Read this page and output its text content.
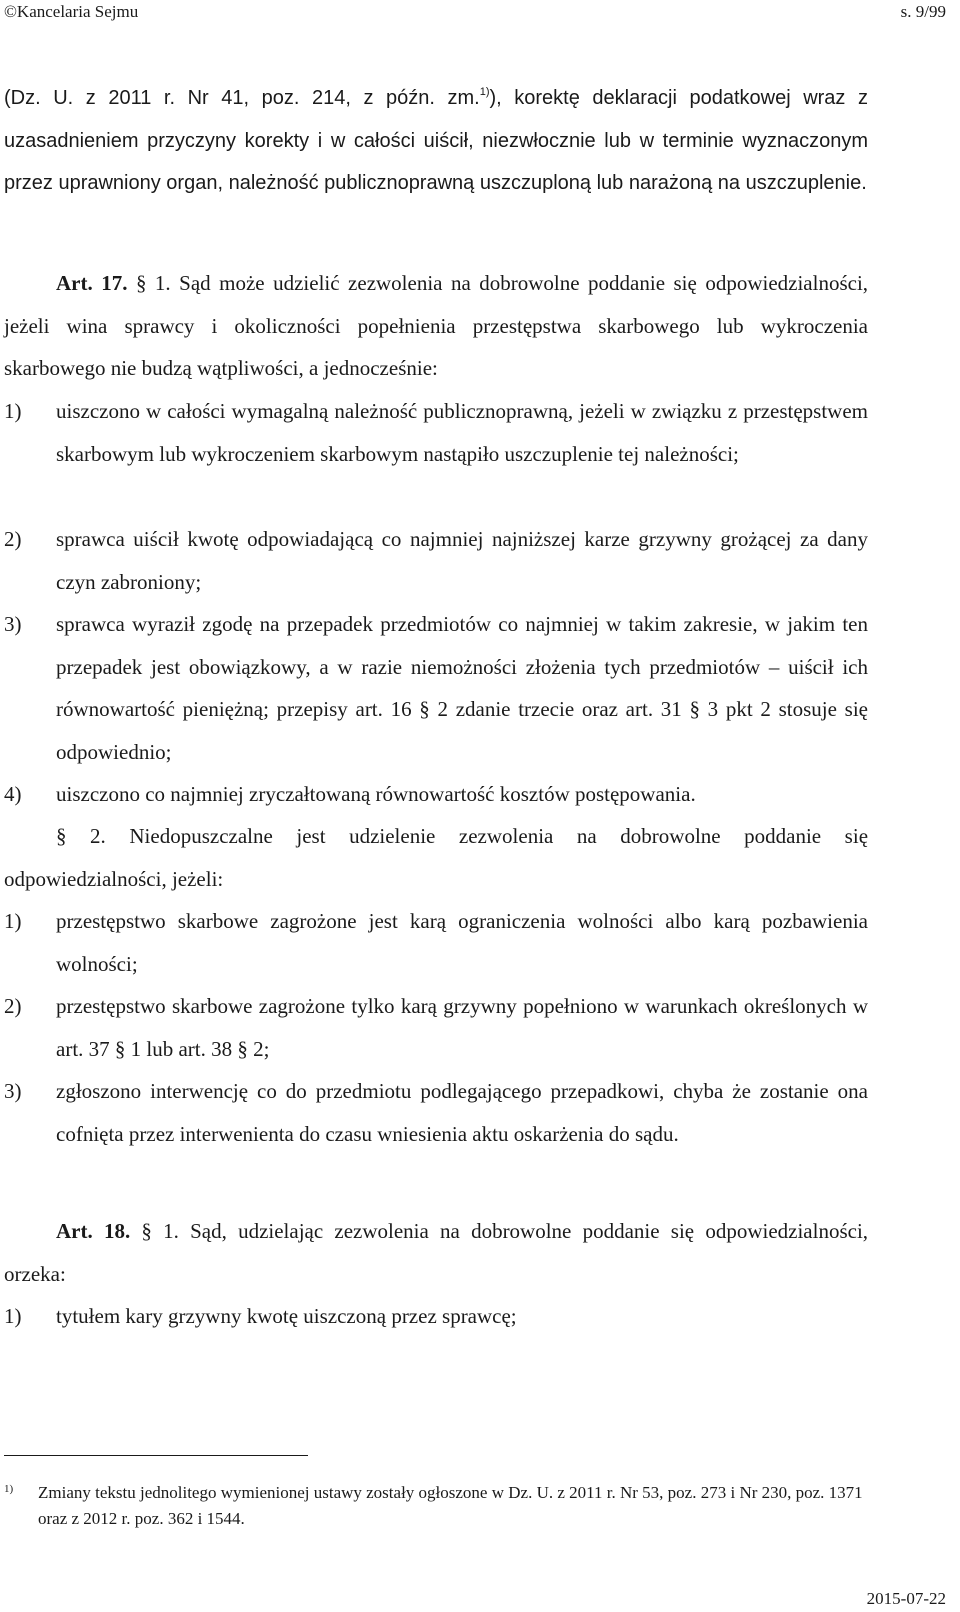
©Kancelaria Sejmu	s. 9/99
(Dz. U. z 2011 r. Nr 41, poz. 214, z późn. zm.$^{1)}$), korektę deklaracji podatkowej wraz z uzasadnieniem przyczyny korekty i w całości uiścił, niezwłocznie lub w terminie wyznaczonym przez uprawniony organ, należność publicznoprawną uszczuploną lub narażoną na uszczuplenie.
Art. 17. § 1. Sąd może udzielić zezwolenia na dobrowolne poddanie się odpowiedzialności, jeżeli wina sprawcy i okoliczności popełnienia przestępstwa skarbowego lub wykroczenia skarbowego nie budzą wątpliwości, a jednocześnie:
1) uiszczono w całości wymagalną należność publicznoprawną, jeżeli w związku z przestępstwem skarbowym lub wykroczeniem skarbowym nastąpiło uszczuplenie tej należności;
2) sprawca uiścił kwotę odpowiadającą co najmniej najniższej karze grzywny grożącej za dany czyn zabroniony;
3) sprawca wyraził zgodę na przepadek przedmiotów co najmniej w takim zakresie, w jakim ten przepadek jest obowiązkowy, a w razie niemożności złożenia tych przedmiotów – uiścił ich równowartość pieniężną; przepisy art. 16 § 2 zdanie trzecie oraz art. 31 § 3 pkt 2 stosuje się odpowiednio;
4) uiszczono co najmniej zryczałtowaną równowartość kosztów postępowania.
§ 2. Niedopuszczalne jest udzielenie zezwolenia na dobrowolne poddanie się odpowiedzialności, jeżeli:
1) przestępstwo skarbowe zagrożone jest karą ograniczenia wolności albo karą pozbawienia wolności;
2) przestępstwo skarbowe zagrożone tylko karą grzywny popełniono w warunkach określonych w art. 37 § 1 lub art. 38 § 2;
3) zgłoszono interwencję co do przedmiotu podlegającego przepadkowi, chyba że zostanie ona cofnięta przez interwenienta do czasu wniesienia aktu oskarżenia do sądu.
Art. 18. § 1. Sąd, udzielając zezwolenia na dobrowolne poddanie się odpowiedzialności, orzeka:
1) tytułem kary grzywny kwotę uiszczoną przez sprawcę;
1) Zmiany tekstu jednolitego wymienionej ustawy zostały ogłoszone w Dz. U. z 2011 r. Nr 53, poz. 273 i Nr 230, poz. 1371 oraz z 2012 r. poz. 362 i 1544.
2015-07-22
